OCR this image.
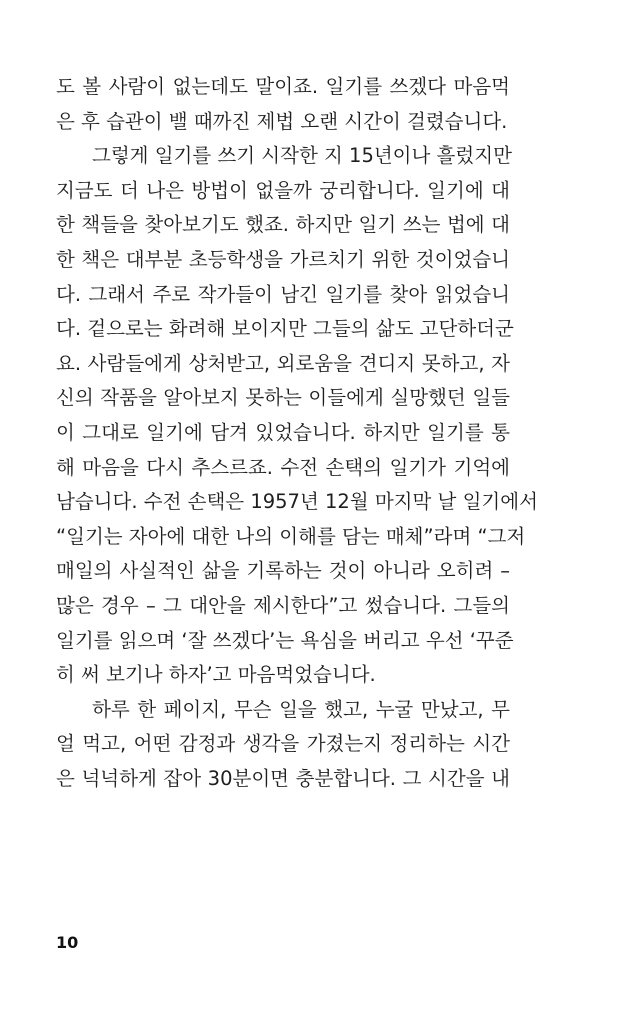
도 볼 사람이 없는데도 말이죠. 일기를 쓰겠다 마음먹
은 후 습관이 밸 때까진 제법 오랜 시간이 걸렸습니다.
그렇게 일기를 쓰기 시작한 지 15년이나 흘렀지만
지금도 더 나은 방법이 없을까 궁리합니다. 일기에 대
한 책들을 찾아보기도 했죠. 하지만 일기 쓰는 법에 대
한 책은 대부분 초등학생을 가르치기 위한 것이었습니
다. 그래서 주로 작가들이 남긴 일기를 찾아 읽었습니
다. 겉으로는 화려해 보이지만 그들의 삶도 고단하더군
요. 사람들에게 상처받고, 외로움을 견디지 못하고, 자
신의 작품을 알아보지 못하는 이들에게 실망했던 일들
이 그대로 일기에 담겨 있었습니다. 하지만 일기를 통
해 마음을 다시 추스르죠. 수전 손택의 일기가 기억에
남습니다. 수전 손택은 1957년 12월 마지막 날 일기에서
“일기는 자아에 대한 나의 이해를 담는 매체”라며 “그저
매일의 사실적인 삶을 기록하는 것이 아니라 오히려 –
많은 경우 – 그 대안을 제시한다”고 썼습니다. 그들의
일기를 읽으며 ‘잘 쓰겠다’는 욕심을 버리고 우선 ‘꾸준
히 써 보기나 하자’고 마음먹었습니다.
하루 한 페이지, 무슨 일을 했고, 누굴 만났고, 무
얼 먹고, 어떤 감정과 생각을 가졌는지 정리하는 시간
은 넉넉하게 잡아 30분이면 충분합니다. 그 시간을 내
10
